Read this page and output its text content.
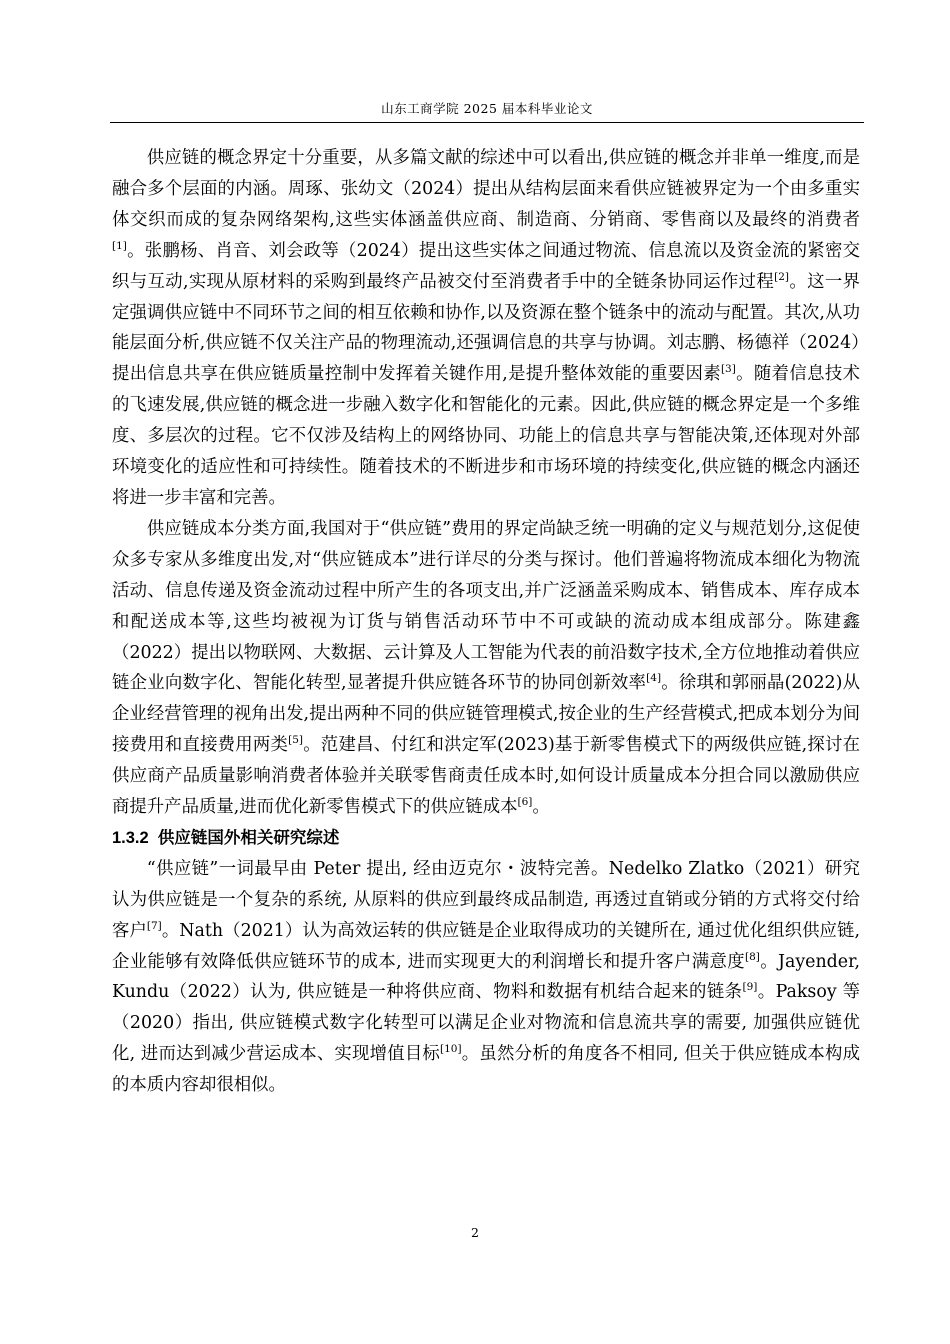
山东工商学院 2025 届本科毕业论文

供应链的概念界定十分重要，从多篇文献的综述中可以看出,供应链的概念并非单一维度,而是融合多个层面的内涵。周琢、张幼文（2024）提出从结构层面来看供应链被界定为一个由多重实体交织而成的复杂网络架构,这些实体涵盖供应商、制造商、分销商、零售商以及最终的消费者[1]。张鹏杨、肖音、刘会政等（2024）提出这些实体之间通过物流、信息流以及资金流的紧密交织与互动,实现从原材料的采购到最终产品被交付至消费者手中的全链条协同运作过程[2]。这一界定强调供应链中不同环节之间的相互依赖和协作,以及资源在整个链条中的流动与配置。其次,从功能层面分析,供应链不仅关注产品的物理流动,还强调信息的共享与协调。刘志鹏、杨德祥（2024）提出信息共享在供应链质量控制中发挥着关键作用,是提升整体效能的重要因素[3]。随着信息技术的飞速发展,供应链的概念进一步融入数字化和智能化的元素。因此,供应链的概念界定是一个多维度、多层次的过程。它不仅涉及结构上的网络协同、功能上的信息共享与智能决策,还体现对外部环境变化的适应性和可持续性。随着技术的不断进步和市场环境的持续变化,供应链的概念内涵还将进一步丰富和完善。

供应链成本分类方面,我国对于“供应链”费用的界定尚缺乏统一明确的定义与规范划分,这促使众多专家从多维度出发,对“供应链成本”进行详尽的分类与探讨。他们普遍将物流成本细化为物流活动、信息传递及资金流动过程中所产生的各项支出,并广泛涵盖采购成本、销售成本、库存成本和配送成本等,这些均被视为订货与销售活动环节中不可或缺的流动成本组成部分。陈建鑫（2022）提出以物联网、大数据、云计算及人工智能为代表的前沿数字技术,全方位地推动着供应链企业向数字化、智能化转型,显著提升供应链各环节的协同创新效率[4]。徐琪和郭丽晶(2022)从企业经营管理的视角出发,提出两种不同的供应链管理模式,按企业的生产经营模式,把成本划分为间接费用和直接费用两类[5]。范建昌、付红和洪定军(2023)基于新零售模式下的两级供应链,探讨在供应商产品质量影响消费者体验并关联零售商责任成本时,如何设计质量成本分担合同以激励供应商提升产品质量,进而优化新零售模式下的供应链成本[6]。

1.3.2 供应链国外相关研究综述

“供应链”一词最早由 Peter 提出, 经由迈克尔・波特完善。Nedelko Zlatko（2021）研究认为供应链是一个复杂的系统, 从原料的供应到最终成品制造, 再透过直销或分销的方式将交付给客户[7]。Nath（2021）认为高效运转的供应链是企业取得成功的关键所在, 通过优化组织供应链, 企业能够有效降低供应链环节的成本, 进而实现更大的利润增长和提升客户满意度[8]。Jayender, Kundu（2022）认为, 供应链是一种将供应商、物料和数据有机结合起来的链条[9]。Paksoy 等（2020）指出, 供应链模式数字化转型可以满足企业对物流和信息流共享的需要, 加强供应链优化, 进而达到减少营运成本、实现增值目标[10]。虽然分析的角度各不相同, 但关于供应链成本构成的本质内容却很相似。

2
